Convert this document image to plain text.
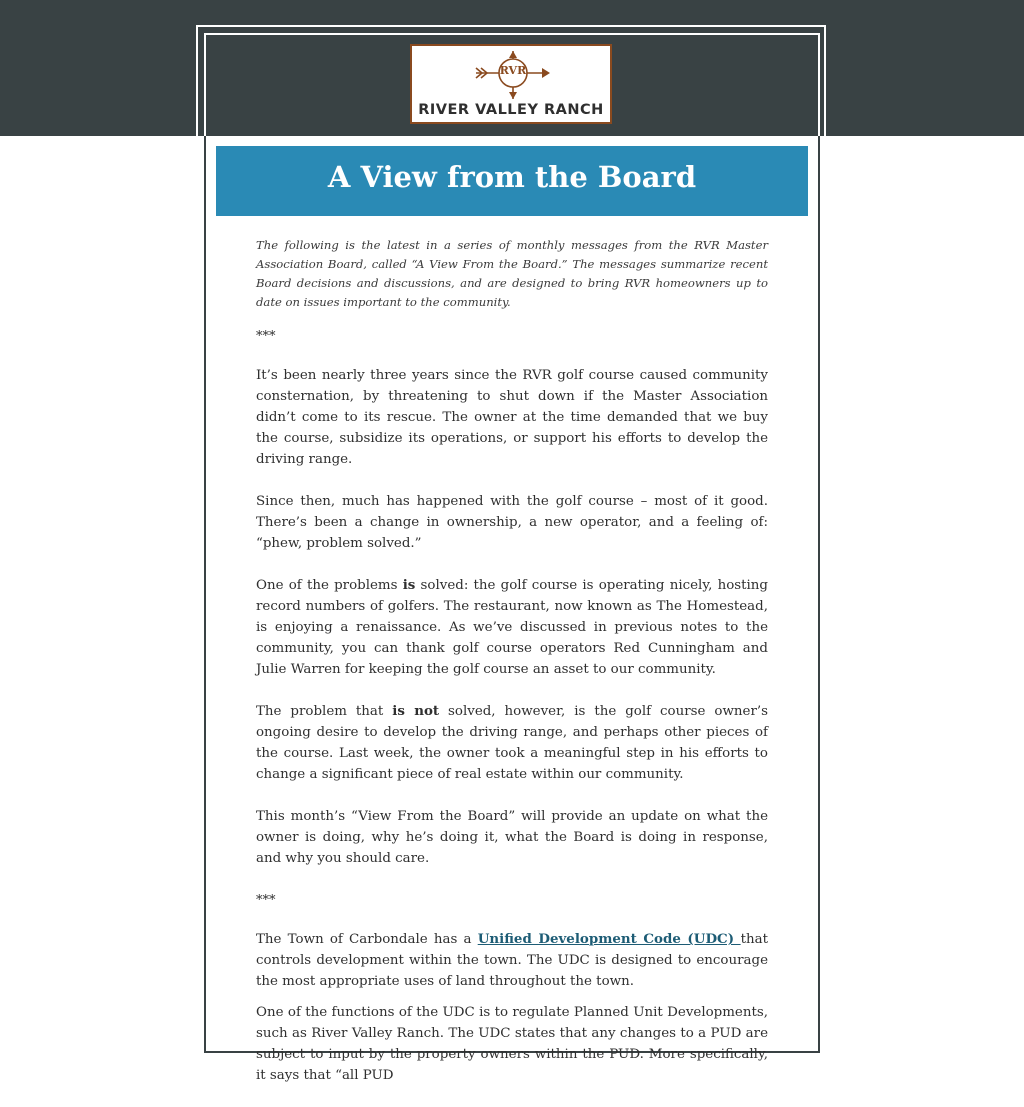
RVR
RIVER VALLEY RANCH
A View from the Board

The following is the latest in a series of monthly messages from the RVR Master Association Board, called “A View From the Board.” The messages summarize recent Board decisions and discussions, and are designed to bring RVR homeowners up to date on issues important to the community.

***

It’s been nearly three years since the RVR golf course caused community consternation, by threatening to shut down if the Master Association didn’t come to its rescue. The owner at the time demanded that we buy the course, subsidize its operations, or support his efforts to develop the driving range.

Since then, much has happened with the golf course – most of it good. There’s been a change in ownership, a new operator, and a feeling of: “phew, problem solved.”

One of the problems is solved: the golf course is operating nicely, hosting record numbers of golfers. The restaurant, now known as The Homestead, is enjoying a renaissance. As we’ve discussed in previous notes to the community, you can thank golf course operators Red Cunningham and Julie Warren for keeping the golf course an asset to our community.

The problem that is not solved, however, is the golf course owner’s ongoing desire to develop the driving range, and perhaps other pieces of the course. Last week, the owner took a meaningful step in his efforts to change a significant piece of real estate within our community.

This month’s “View From the Board” will provide an update on what the owner is doing, why he’s doing it, what the Board is doing in response, and why you should care.

***

The Town of Carbondale has a Unified Development Code (UDC) that controls development within the town. The UDC is designed to encourage the most appropriate uses of land throughout the town.

One of the functions of the UDC is to regulate Planned Unit Developments, such as River Valley Ranch. The UDC states that any changes to a PUD are subject to input by the property owners within the PUD. More specifically, it says that “all PUD
